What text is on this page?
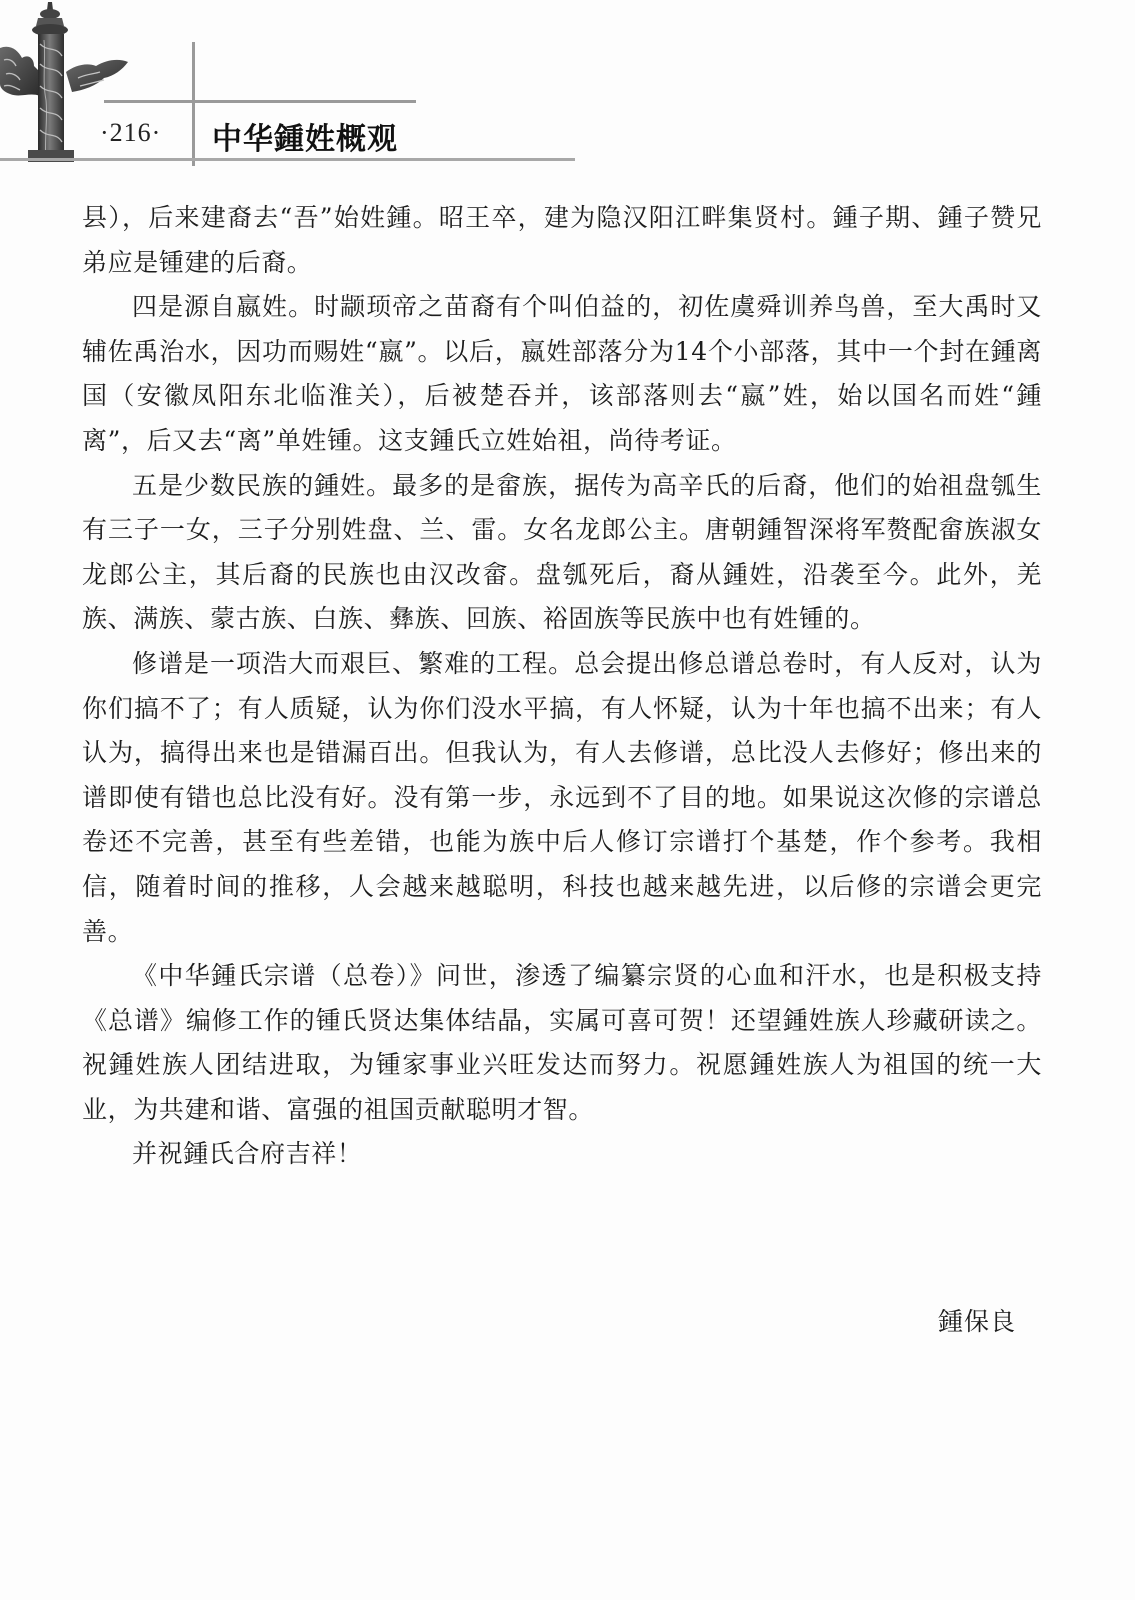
·216· 中华鍾姓概观

县），后来建裔去“吾”始姓鍾。昭王卒，建为隐汉阳江畔集贤村。鍾子期、鍾子赞兄弟应是锺建的后裔。

四是源自嬴姓。时颛顼帝之苗裔有个叫伯益的，初佐虞舜训养鸟兽，至大禹时又辅佐禹治水，因功而赐姓“嬴”。以后，嬴姓部落分为14个小部落，其中一个封在鍾离国（安徽凤阳东北临淮关），后被楚吞并，该部落则去“嬴”姓，始以国名而姓“鍾离”，后又去“离”单姓锺。这支鍾氏立姓始祖，尚待考证。

五是少数民族的鍾姓。最多的是畲族，据传为高辛氏的后裔，他们的始祖盘瓠生有三子一女，三子分别姓盘、兰、雷。女名龙郎公主。唐朝鍾智深将军赘配畲族淑女龙郎公主，其后裔的民族也由汉改畲。盘瓠死后，裔从鍾姓，沿袭至今。此外，羌族、满族、蒙古族、白族、彝族、回族、裕固族等民族中也有姓锺的。

修谱是一项浩大而艰巨、繁难的工程。总会提出修总谱总卷时，有人反对，认为你们搞不了；有人质疑，认为你们没水平搞，有人怀疑，认为十年也搞不出来；有人认为，搞得出来也是错漏百出。但我认为，有人去修谱，总比没人去修好；修出来的谱即使有错也总比没有好。没有第一步，永远到不了目的地。如果说这次修的宗谱总卷还不完善，甚至有些差错，也能为族中后人修订宗谱打个基楚，作个参考。我相信，随着时间的推移，人会越来越聪明，科技也越来越先进，以后修的宗谱会更完善。

《中华鍾氏宗谱（总卷）》问世，渗透了编纂宗贤的心血和汗水，也是积极支持《总谱》编修工作的锺氏贤达集体结晶，实属可喜可贺！还望鍾姓族人珍藏研读之。祝鍾姓族人团结进取，为锺家事业兴旺发达而努力。祝愿鍾姓族人为祖国的统一大业，为共建和谐、富强的祖国贡献聪明才智。

并祝鍾氏合府吉祥！

鍾保良
